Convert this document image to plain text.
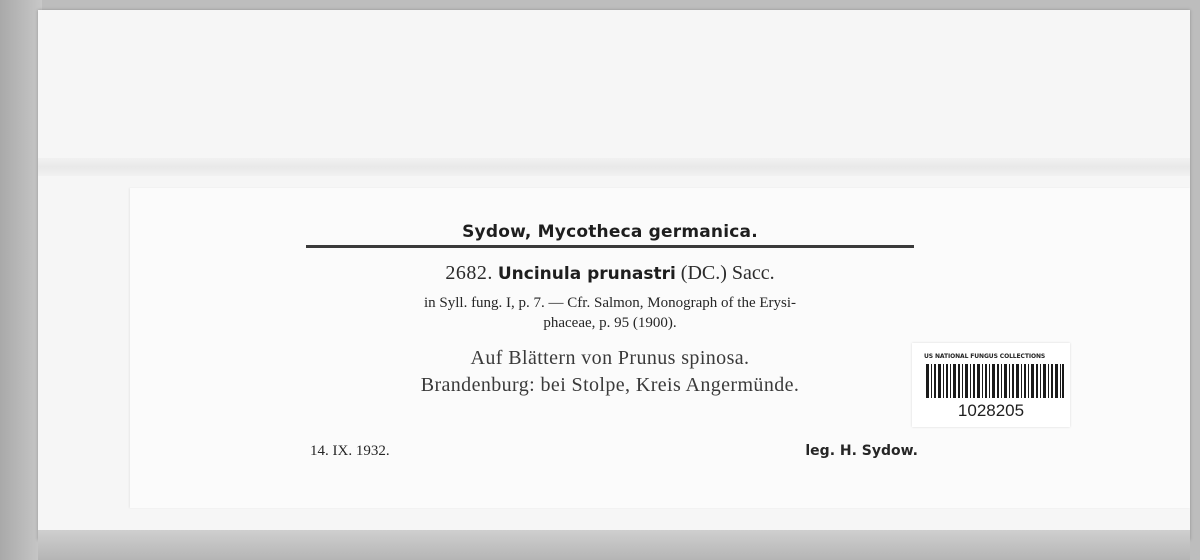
Sydow, Mycotheca germanica.
2682. Uncinula prunastri (DC.) Sacc.
in Syll. fung. I, p. 7. — Cfr. Salmon, Monograph of the Erysi-
phaceae, p. 95 (1900).
Auf Blättern von Prunus spinosa.
Brandenburg: bei Stolpe, Kreis Angermünde.
14. IX. 1932.	leg. H. Sydow.
US NATIONAL FUNGUS COLLECTIONS
1028205
